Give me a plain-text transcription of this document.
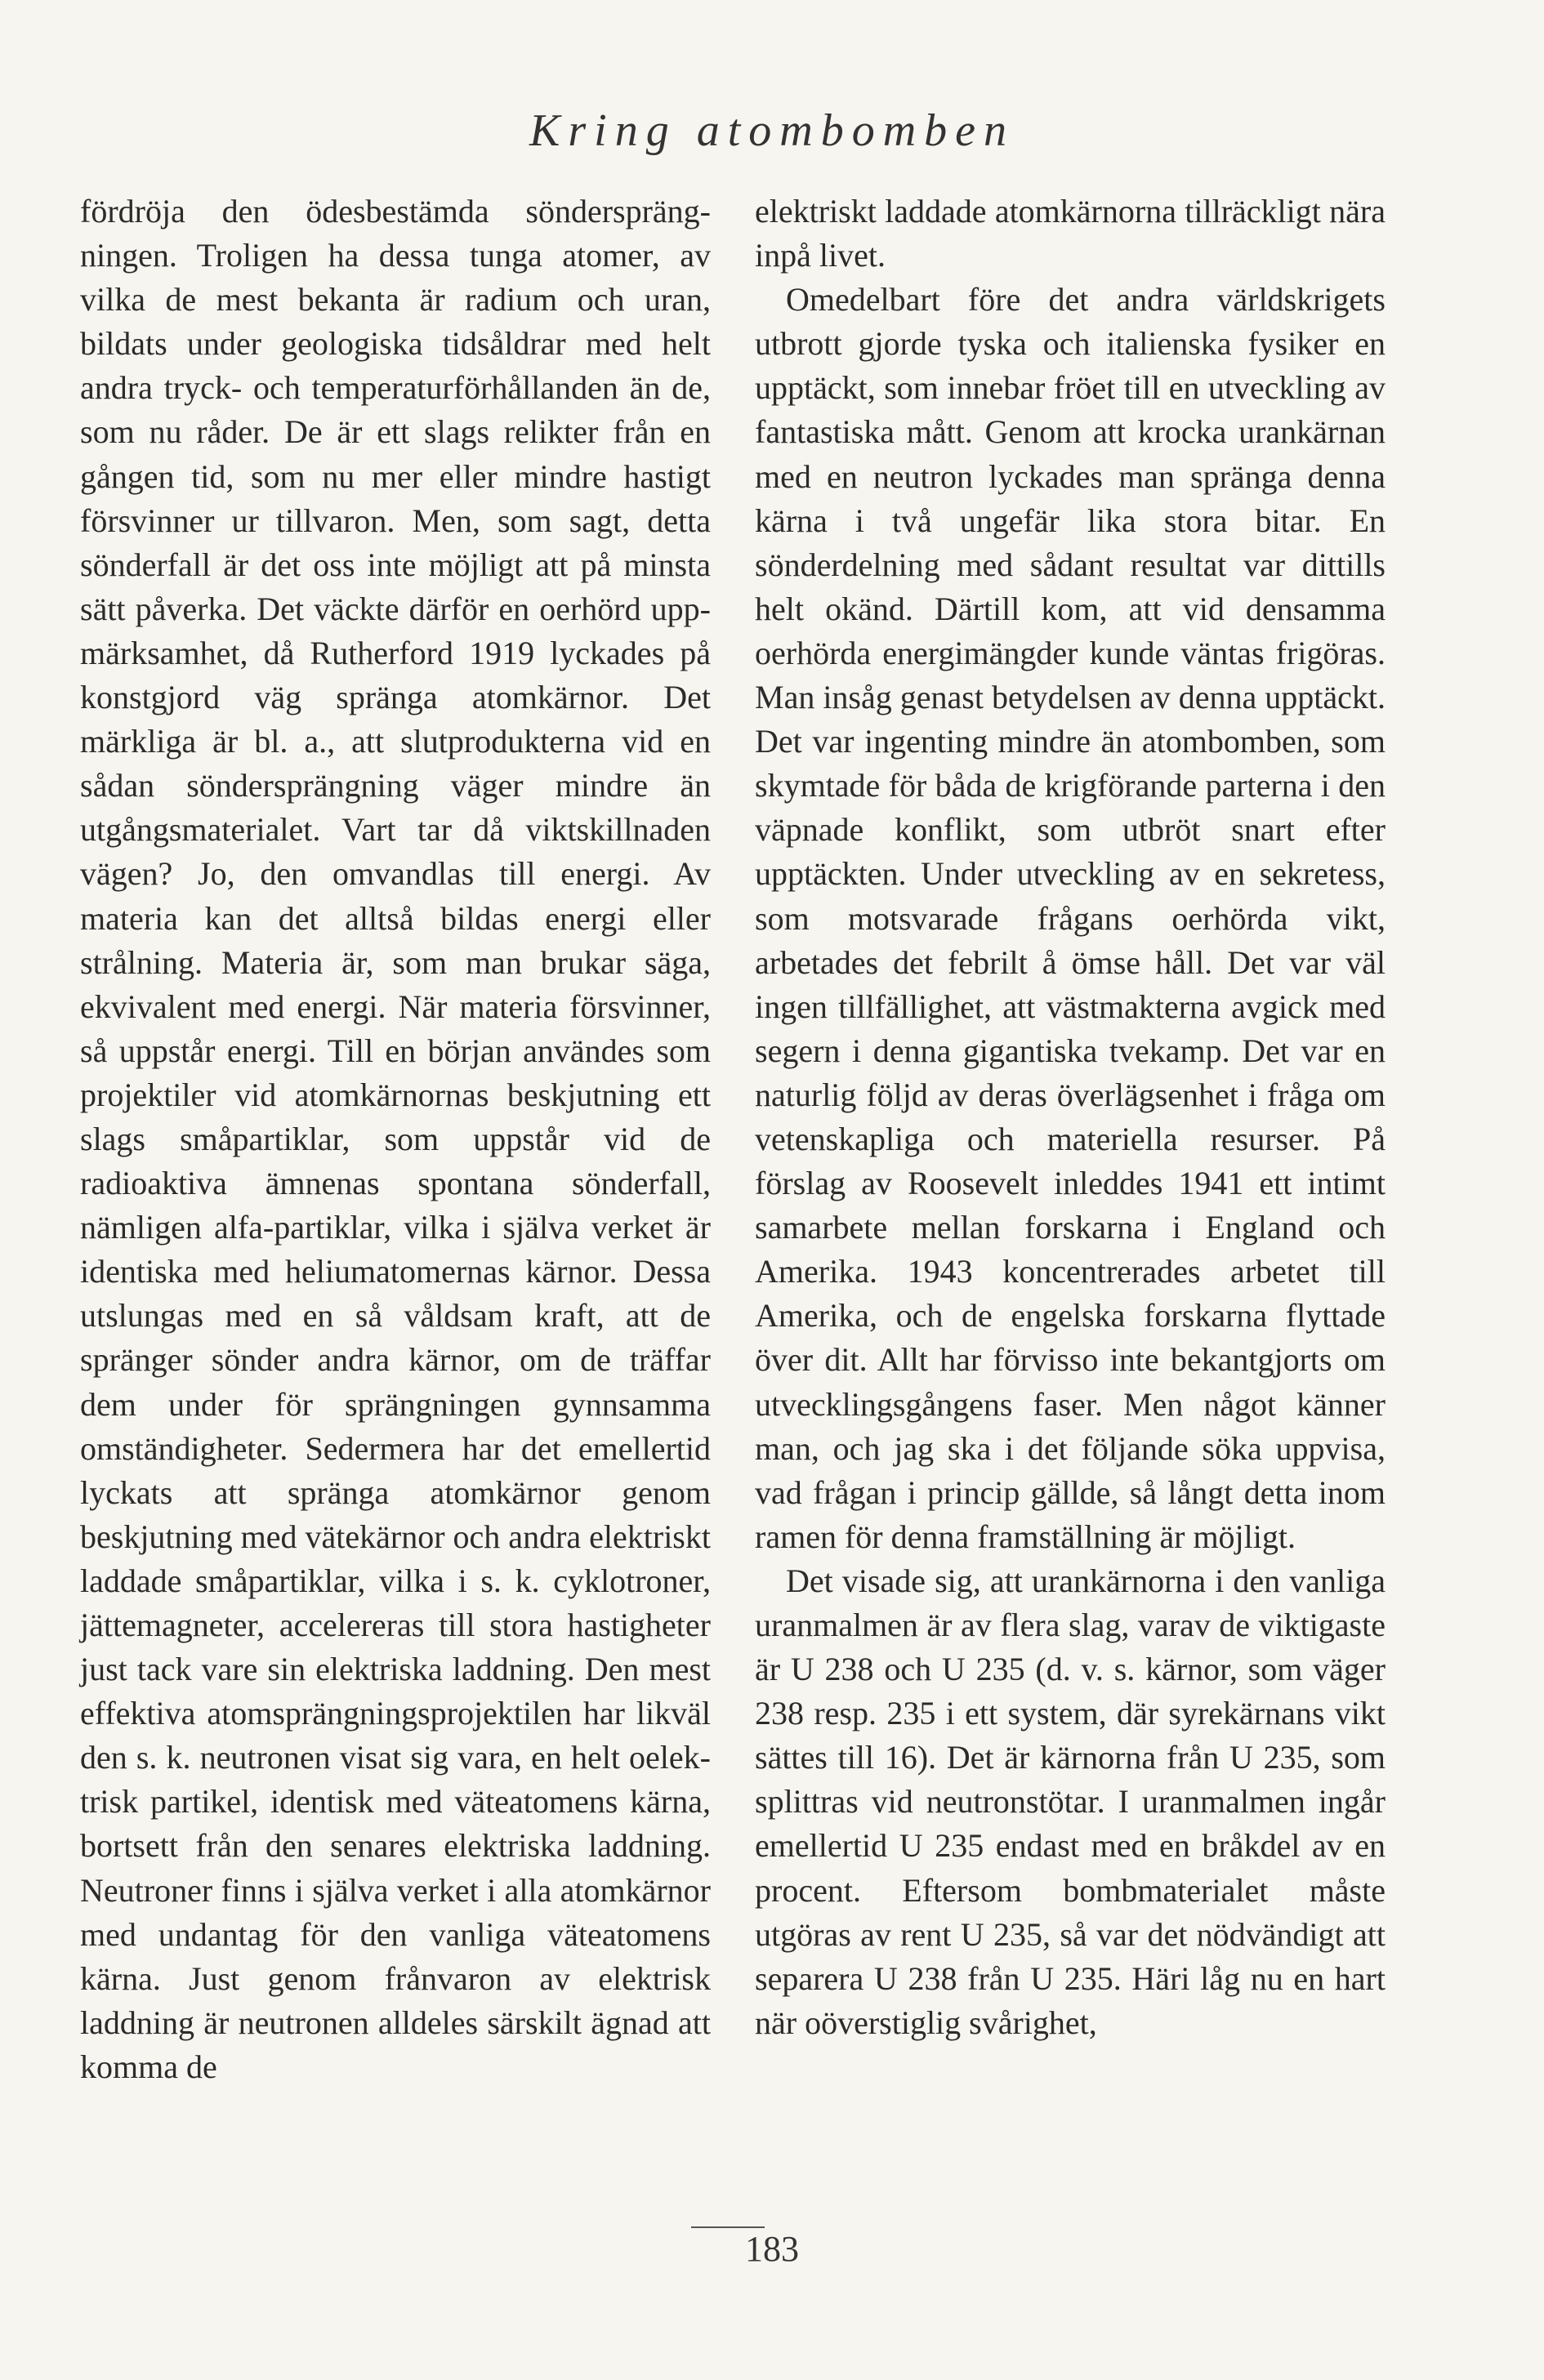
Kring atombomben

fördröja den ödesbestämda söndersprängningen. Troligen ha dessa tunga atomer, av vilka de mest bekanta är radium och uran, bildats under geologiska tidsåldrar med helt andra tryck- och temperaturförhållanden än de, som nu råder. De är ett slags relikter från en gången tid, som nu mer eller mindre hastigt försvinner ur tillvaron. Men, som sagt, detta sönderfall är det oss inte möjligt att på minsta sätt påverka. Det väckte därför en oerhörd uppmärksamhet, då Rutherford 1919 lyckades på konstgjord väg spränga atomkärnor. Det märkliga är bl. a., att slutprodukterna vid en sådan söndersprängning väger mindre än utgångsmaterialet. Vart tar då viktskillnaden vägen? Jo, den omvandlas till energi. Av materia kan det alltså bildas energi eller strålning. Materia är, som man brukar säga, ekvivalent med energi. När materia försvinner, så uppstår energi. Till en början användes som projektiler vid atomkärnornas beskjutning ett slags småpartiklar, som uppstår vid de radioaktiva ämnenas spontana sönderfall, nämligen alfa-partiklar, vilka i själva verket är identiska med heliumatomernas kärnor. Dessa utslungas med en så våldsam kraft, att de spränger sönder andra kärnor, om de träffar dem under för sprängningen gynnsamma omständigheter. Sedermera har det emellertid lyckats att spränga atomkärnor genom beskjutning med vätekärnor och andra elektriskt laddade småpartiklar, vilka i s. k. cyklotroner, jättemagneter, accelereras till stora hastigheter just tack vare sin elektriska laddning. Den mest effektiva atomsprängningsprojektilen har likväl den s. k. neutronen visat sig vara, en helt oelektrisk partikel, identisk med väteatomens kärna, bortsett från den senares elektriska laddning. Neutroner finns i själva verket i alla atomkärnor med undantag för den vanliga väteatomens kärna. Just genom frånvaron av elektrisk laddning är neutronen alldeles särskilt ägnad att komma de

elektriskt laddade atomkärnorna tillräckligt nära inpå livet.

Omedelbart före det andra världskrigets utbrott gjorde tyska och italienska fysiker en upptäckt, som innebar fröet till en utveckling av fantastiska mått. Genom att krocka urankärnan med en neutron lyckades man spränga denna kärna i två ungefär lika stora bitar. En sönderdelning med sådant resultat var dittills helt okänd. Därtill kom, att vid densamma oerhörda energimängder kunde väntas frigöras. Man insåg genast betydelsen av denna upptäckt. Det var ingenting mindre än atombomben, som skymtade för båda de krigförande parterna i den väpnade konflikt, som utbröt snart efter upptäckten. Under utveckling av en sekretess, som motsvarade frågans oerhörda vikt, arbetades det febrilt å ömse håll. Det var väl ingen tillfällighet, att västmakterna avgick med segern i denna gigantiska tvekamp. Det var en naturlig följd av deras överlägsenhet i fråga om vetenskapliga och materiella resurser. På förslag av Roosevelt inleddes 1941 ett intimt samarbete mellan forskarna i England och Amerika. 1943 koncentrerades arbetet till Amerika, och de engelska forskarna flyttade över dit. Allt har förvisso inte bekantgjorts om utvecklingsgångens faser. Men något känner man, och jag ska i det följande söka uppvisa, vad frågan i princip gällde, så långt detta inom ramen för denna framställning är möjligt.

Det visade sig, att urankärnorna i den vanliga uranmalmen är av flera slag, varav de viktigaste är U 238 och U 235 (d. v. s. kärnor, som väger 238 resp. 235 i ett system, där syrekärnans vikt sättes till 16). Det är kärnorna från U 235, som splittras vid neutronstötar. I uranmalmen ingår emellertid U 235 endast med en bråkdel av en procent. Eftersom bombmaterialet måste utgöras av rent U 235, så var det nödvändigt att separera U 238 från U 235. Häri låg nu en hart när oöverstiglig svårighet,

183
